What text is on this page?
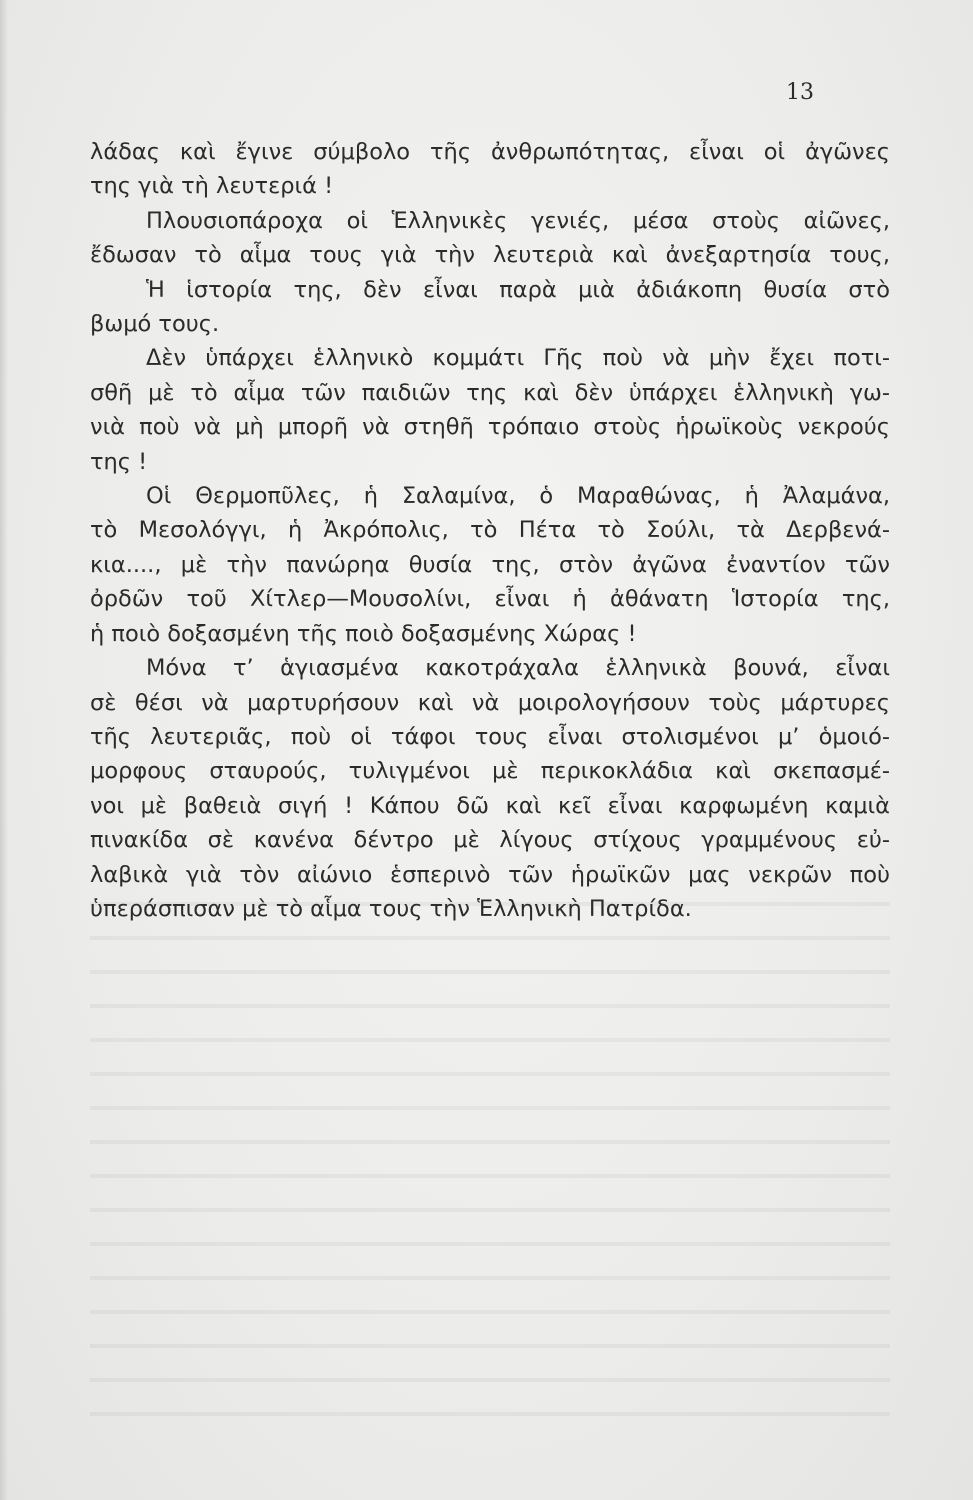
13
λάδας καὶ ἔγινε σύμβολο τῆς ἀνθρωπότητας, εἶναι οἱ ἀγῶνες
της γιὰ τὴ λευτεριά !
Πλουσιοπάροχα οἱ Ἑλληνικὲς γενιές, μέσα στοὺς αἰῶνες,
ἔδωσαν τὸ αἷμα τους γιὰ τὴν λευτεριὰ καὶ ἀνεξαρτησία τους,
Ἡ ἱστορία της, δὲν εἶναι παρὰ μιὰ ἀδιάκοπη θυσία στὸ
βωμό τους.
Δὲν ὑπάρχει ἑλληνικὸ κομμάτι Γῆς ποὺ νὰ μὴν ἔχει ποτι-
σθῆ μὲ τὸ αἷμα τῶν παιδιῶν της καὶ δὲν ὑπάρχει ἑλληνικὴ γω-
νιὰ ποὺ νὰ μὴ μπορῆ νὰ στηθῆ τρόπαιο στοὺς ἡρωϊκοὺς νεκρούς
της !
Οἱ Θερμοπῦλες, ἡ Σαλαμίνα, ὁ Μαραθώνας, ἡ Ἀλαμάνα,
τὸ Μεσολόγγι, ἡ Ἀκρόπολις, τὸ Πέτα τὸ Σούλι, τὰ Δερβενά-
κια...., μὲ τὴν πανώρηα θυσία της, στὸν ἀγῶνα ἐναντίον τῶν
ὀρδῶν τοῦ Χίτλερ—Μουσολίνι, εἶναι ἡ ἀθάνατη Ἱστορία της,
ἡ ποιὸ δοξασμένη τῆς ποιὸ δοξασμένης Χώρας !
Μόνα τ’ ἁγιασμένα κακοτράχαλα ἑλληνικὰ βουνά, εἶναι
σὲ θέσι νὰ μαρτυρήσουν καὶ νὰ μοιρολογήσουν τοὺς μάρτυρες
τῆς λευτεριᾶς, ποὺ οἱ τάφοι τους εἶναι στολισμένοι μ’ ὁμοιό-
μορφους σταυρούς, τυλιγμένοι μὲ περικοκλάδια καὶ σκεπασμέ-
νοι μὲ βαθειὰ σιγή ! Κάπου δῶ καὶ κεῖ εἶναι καρφωμένη καμιὰ
πινακίδα σὲ κανένα δέντρο μὲ λίγους στίχους γραμμένους εὐ-
λαβικὰ γιὰ τὸν αἰώνιο ἑσπερινὸ τῶν ἡρωϊκῶν μας νεκρῶν ποὺ
ὑπεράσπισαν μὲ τὸ αἷμα τους τὴν Ἑλληνικὴ Πατρίδα.
